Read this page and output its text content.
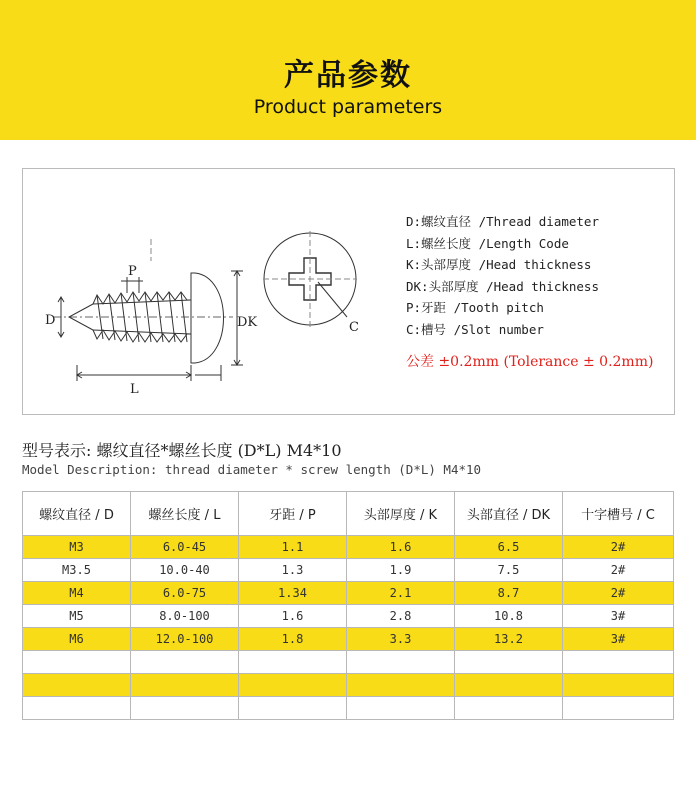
产品参数
Product parameters
D
P
L
DK	C
D:螺纹直径 /Thread diameter
L:螺丝长度 /Length Code
K:头部厚度 /Head thickness
DK:头部厚度 /Head thickness
P:牙距 /Tooth pitch
C:槽号 /Slot number
公差 ±0.2mm (Tolerance ± 0.2mm)
型号表示: 螺纹直径*螺丝长度 (D*L) M4*10
Model Description: thread diameter * screw length (D*L) M4*10
螺纹直径 / D	螺丝长度 / L	牙距 / P	头部厚度 / K	头部直径 / DK	十字槽号 / C
M3	6.0-45	1.1	1.6	6.5	2#
M3.5	10.0-40	1.3	1.9	7.5	2#
M4	6.0-75	1.34	2.1	8.7	2#
M5	8.0-100	1.6	2.8	10.8	3#
M6	12.0-100	1.8	3.3	13.2	3#
